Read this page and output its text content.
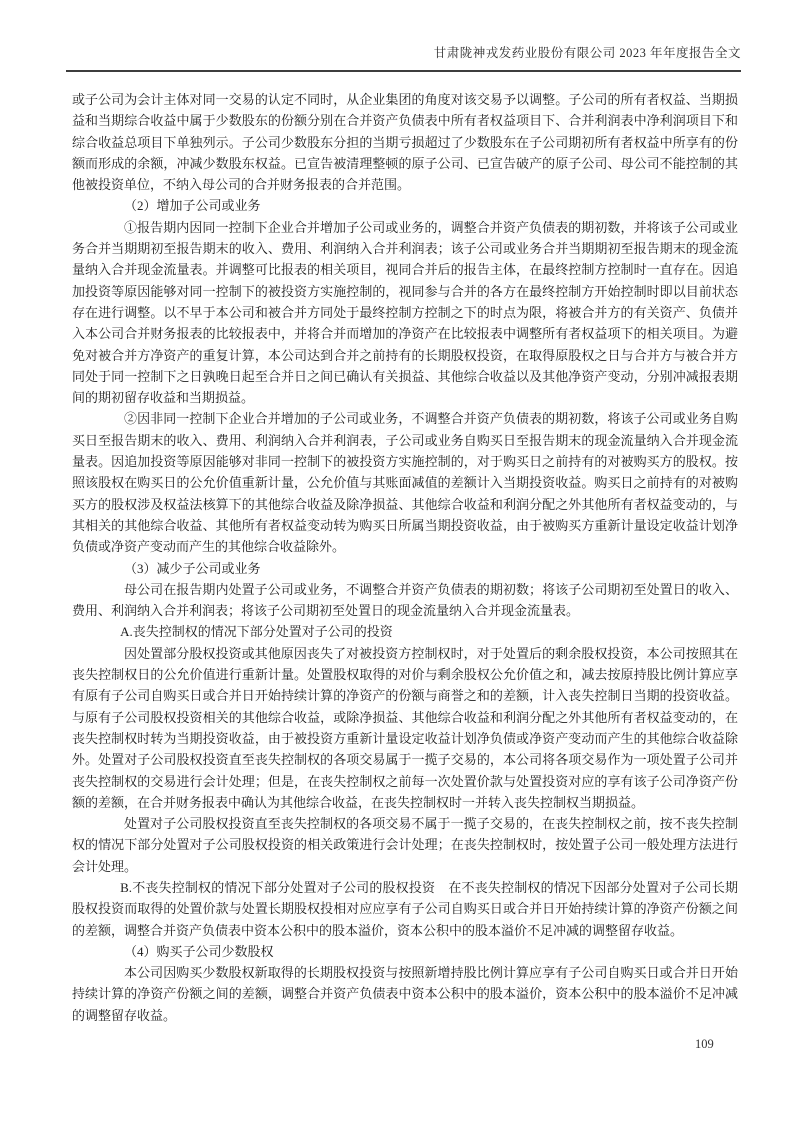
甘肃陇神戎发药业股份有限公司 2023 年年度报告全文

或子公司为会计主体对同一交易的认定不同时，从企业集团的角度对该交易予以调整。子公司的所有者权益、当期损益和当期综合收益中属于少数股东的份额分别在合并资产负债表中所有者权益项目下、合并利润表中净利润项目下和综合收益总项目下单独列示。子公司少数股东分担的当期亏损超过了少数股东在子公司期初所有者权益中所享有的份额而形成的余额，冲减少数股东权益。已宣告被清理整顿的原子公司、已宣告破产的原子公司、母公司不能控制的其他被投资单位，不纳入母公司的合并财务报表的合并范围。

（2）增加子公司或业务

①报告期内因同一控制下企业合并增加子公司或业务的，调整合并资产负债表的期初数，并将该子公司或业务合并当期期初至报告期末的收入、费用、利润纳入合并利润表；该子公司或业务合并当期期初至报告期末的现金流量纳入合并现金流量表。并调整可比报表的相关项目，视同合并后的报告主体，在最终控制方控制时一直存在。因追加投资等原因能够对同一控制下的被投资方实施控制的，视同参与合并的各方在最终控制方开始控制时即以目前状态存在进行调整。以不早于本公司和被合并方同处于最终控制方控制之下的时点为限，将被合并方的有关资产、负债并入本公司合并财务报表的比较报表中，并将合并而增加的净资产在比较报表中调整所有者权益项下的相关项目。为避免对被合并方净资产的重复计算，本公司达到合并之前持有的长期股权投资，在取得原股权之日与合并方与被合并方同处于同一控制下之日孰晚日起至合并日之间已确认有关损益、其他综合收益以及其他净资产变动，分别冲减报表期间的期初留存收益和当期损益。

②因非同一控制下企业合并增加的子公司或业务，不调整合并资产负债表的期初数，将该子公司或业务自购买日至报告期末的收入、费用、利润纳入合并利润表，子公司或业务自购买日至报告期末的现金流量纳入合并现金流量表。因追加投资等原因能够对非同一控制下的被投资方实施控制的，对于购买日之前持有的对被购买方的股权。按照该股权在购买日的公允价值重新计量，公允价值与其账面减值的差额计入当期投资收益。购买日之前持有的对被购买方的股权涉及权益法核算下的其他综合收益及除净损益、其他综合收益和利润分配之外其他所有者权益变动的，与其相关的其他综合收益、其他所有者权益变动转为购买日所属当期投资收益，由于被购买方重新计量设定收益计划净负债或净资产变动而产生的其他综合收益除外。

（3）减少子公司或业务

母公司在报告期内处置子公司或业务，不调整合并资产负债表的期初数；将该子公司期初至处置日的收入、费用、利润纳入合并利润表；将该子公司期初至处置日的现金流量纳入合并现金流量表。

A.丧失控制权的情况下部分处置对子公司的投资

因处置部分股权投资或其他原因丧失了对被投资方控制权时，对于处置后的剩余股权投资，本公司按照其在丧失控制权日的公允价值进行重新计量。处置股权取得的对价与剩余股权公允价值之和，减去按原持股比例计算应享有原有子公司自购买日或合并日开始持续计算的净资产的份额与商誉之和的差额，计入丧失控制日当期的投资收益。与原有子公司股权投资相关的其他综合收益，或除净损益、其他综合收益和利润分配之外其他所有者权益变动的，在丧失控制权时转为当期投资收益，由于被投资方重新计量设定收益计划净负债或净资产变动而产生的其他综合收益除外。处置对子公司股权投资直至丧失控制权的各项交易属于一揽子交易的，本公司将各项交易作为一项处置子公司并丧失控制权的交易进行会计处理；但是，在丧失控制权之前每一次处置价款与处置投资对应的享有该子公司净资产份额的差额，在合并财务报表中确认为其他综合收益，在丧失控制权时一并转入丧失控制权当期损益。

处置对子公司股权投资直至丧失控制权的各项交易不属于一揽子交易的，在丧失控制权之前，按不丧失控制权的情况下部分处置对子公司股权投资的相关政策进行会计处理；在丧失控制权时，按处置子公司一般处理方法进行会计处理。

B.不丧失控制权的情况下部分处置对子公司的股权投资　在不丧失控制权的情况下因部分处置对子公司长期股权投资而取得的处置价款与处置长期股权投相对应应享有子公司自购买日或合并日开始持续计算的净资产份额之间的差额，调整合并资产负债表中资本公积中的股本溢价，资本公积中的股本溢价不足冲减的调整留存收益。

（4）购买子公司少数股权

本公司因购买少数股权新取得的长期股权投资与按照新增持股比例计算应享有子公司自购买日或合并日开始持续计算的净资产份额之间的差额，调整合并资产负债表中资本公积中的股本溢价，资本公积中的股本溢价不足冲减的调整留存收益。

109
